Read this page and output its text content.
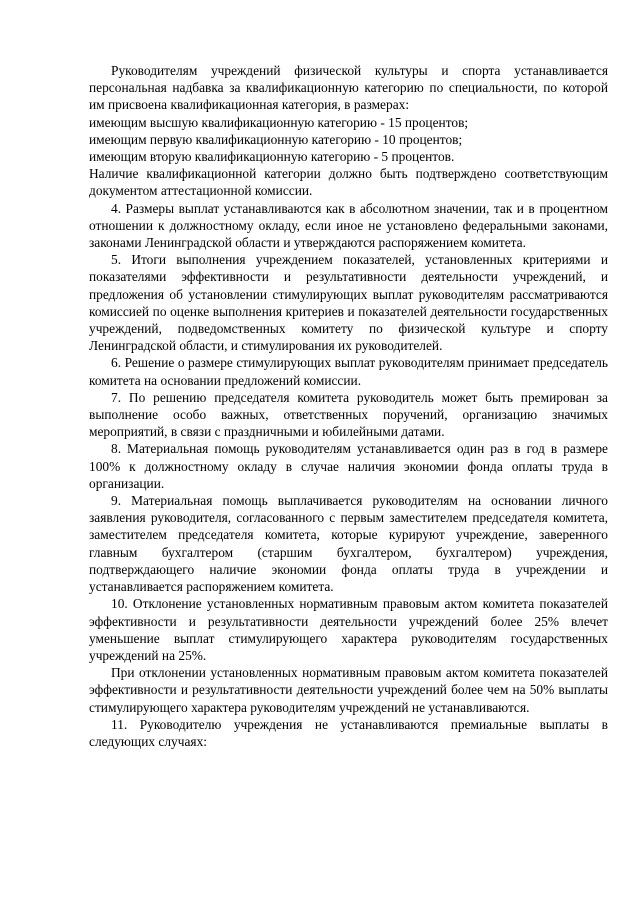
Руководителям учреждений физической культуры и спорта устанавливается персональная надбавка за квалификационную категорию по специальности, по которой им присвоена квалификационная категория, в размерах:

имеющим высшую квалификационную категорию - 15 процентов;

имеющим первую квалификационную категорию - 10 процентов;

имеющим вторую квалификационную категорию - 5 процентов.

Наличие квалификационной категории должно быть подтверждено соответствующим документом аттестационной комиссии.

4. Размеры выплат устанавливаются как в абсолютном значении, так и в процентном отношении к должностному окладу, если иное не установлено федеральными законами, законами Ленинградской области и утверждаются распоряжением комитета.

5. Итоги выполнения учреждением показателей, установленных критериями и показателями эффективности и результативности деятельности учреждений, и предложения об установлении стимулирующих выплат руководителям рассматриваются комиссией по оценке выполнения критериев и показателей деятельности государственных учреждений, подведомственных комитету по физической культуре и спорту Ленинградской области, и стимулирования их руководителей.

6. Решение о размере стимулирующих выплат руководителям принимает председатель комитета на основании предложений комиссии.

7. По решению председателя комитета руководитель может быть премирован за выполнение особо важных, ответственных поручений, организацию значимых мероприятий, в связи с праздничными и юбилейными датами.

8. Материальная помощь руководителям устанавливается один раз в год в размере 100% к должностному окладу в случае наличия экономии фонда оплаты труда в организации.

9. Материальная помощь выплачивается руководителям на основании личного заявления руководителя, согласованного с первым заместителем председателя комитета, заместителем председателя комитета, которые курируют учреждение, заверенного главным бухгалтером (старшим бухгалтером, бухгалтером) учреждения, подтверждающего наличие экономии фонда оплаты труда в учреждении и устанавливается распоряжением комитета.

10. Отклонение установленных нормативным правовым актом комитета показателей эффективности и результативности деятельности учреждений более 25% влечет уменьшение выплат стимулирующего характера руководителям государственных учреждений на 25%.

При отклонении установленных нормативным правовым актом комитета показателей эффективности и результативности деятельности учреждений более чем на 50% выплаты стимулирующего характера руководителям учреждений не устанавливаются.

11. Руководителю учреждения не устанавливаются премиальные выплаты в следующих случаях:
